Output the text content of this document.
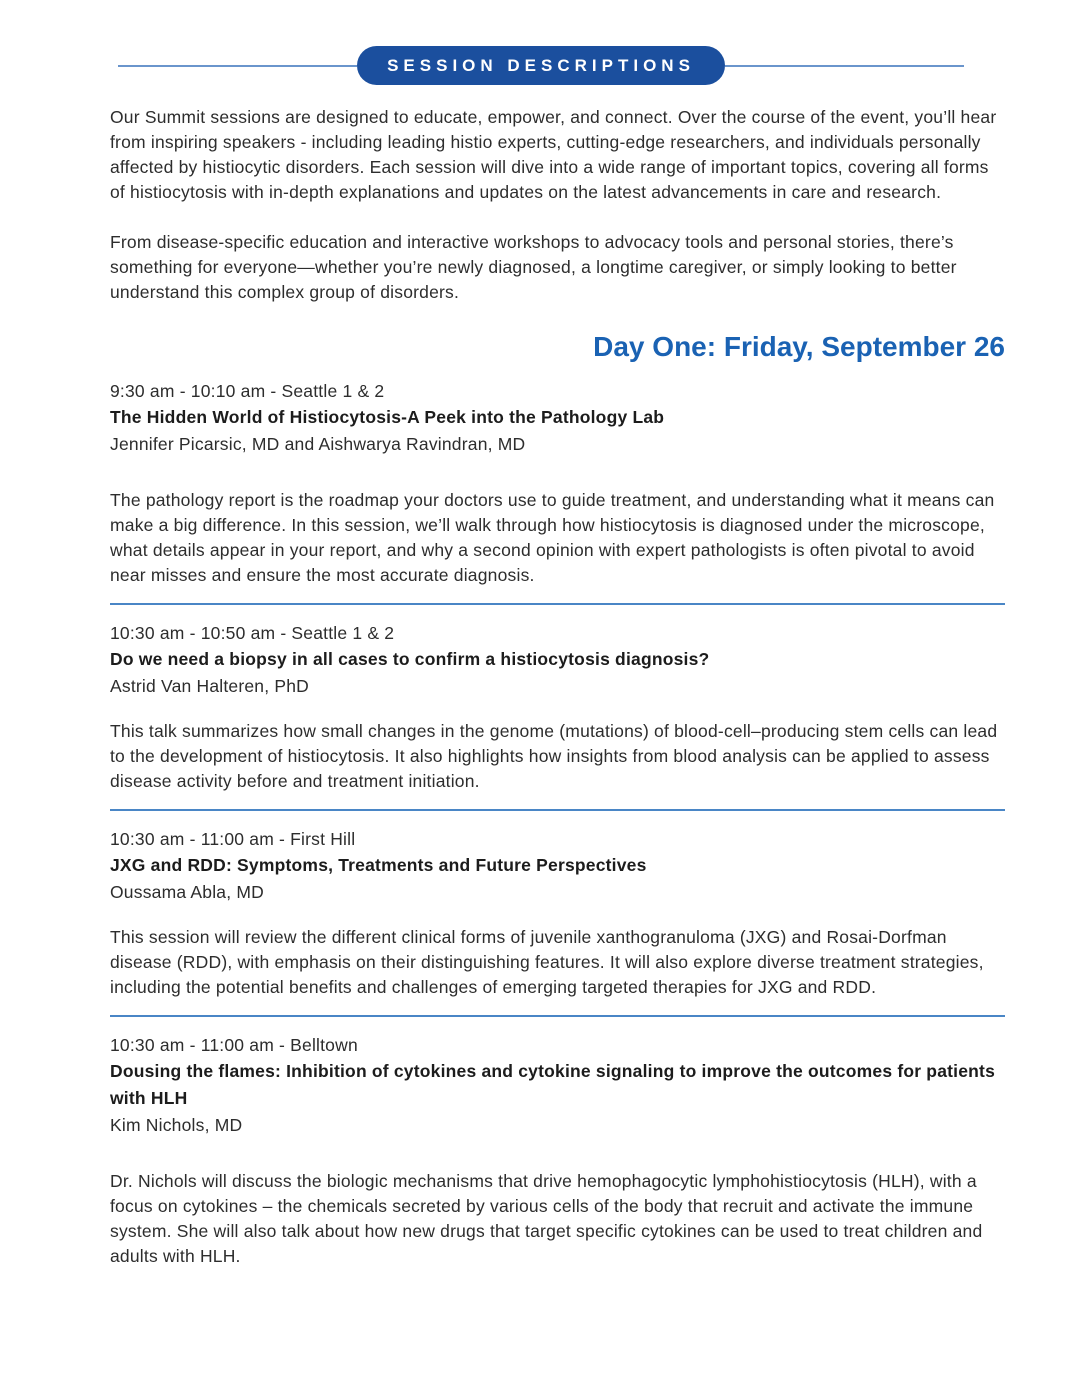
SESSION DESCRIPTIONS

Our Summit sessions are designed to educate, empower, and connect. Over the course of the event, you’ll hear from inspiring speakers - including leading histio experts, cutting-edge researchers, and individuals personally affected by histiocytic disorders. Each session will dive into a wide range of important topics, covering all forms of histiocytosis with in-depth explanations and updates on the latest advancements in care and research.

From disease-specific education and interactive workshops to advocacy tools and personal stories, there’s something for everyone—whether you’re newly diagnosed, a longtime caregiver, or simply looking to better understand this complex group of disorders.

Day One: Friday, September 26
9:30 am - 10:10 am - Seattle 1 & 2
The Hidden World of Histiocytosis-A Peek into the Pathology Lab
Jennifer Picarsic, MD and Aishwarya Ravindran, MD

The pathology report is the roadmap your doctors use to guide treatment, and understanding what it means can make a big difference. In this session, we’ll walk through how histiocytosis is diagnosed under the microscope, what details appear in your report, and why a second opinion with expert pathologists is often pivotal to avoid near misses and ensure the most accurate diagnosis.

10:30 am - 10:50 am - Seattle 1 & 2
Do we need a biopsy in all cases to confirm a histiocytosis diagnosis?
Astrid Van Halteren, PhD

This talk summarizes how small changes in the genome (mutations) of blood-cell–producing stem cells can lead to the development of histiocytosis. It also highlights how insights from blood analysis can be applied to assess disease activity before and treatment initiation.

10:30 am - 11:00 am - First Hill
JXG and RDD: Symptoms, Treatments and Future Perspectives
Oussama Abla, MD

This session will review the different clinical forms of juvenile xanthogranuloma (JXG) and Rosai-Dorfman disease (RDD), with emphasis on their distinguishing features. It will also explore diverse treatment strategies, including the potential benefits and challenges of emerging targeted therapies for JXG and RDD.

10:30 am - 11:00 am - Belltown
Dousing the flames: Inhibition of cytokines and cytokine signaling to improve the outcomes for patients with HLH
Kim Nichols, MD

Dr. Nichols will discuss the biologic mechanisms that drive hemophagocytic lymphohistiocytosis (HLH), with a focus on cytokines – the chemicals secreted by various cells of the body that recruit and activate the immune system. She will also talk about how new drugs that target specific cytokines can be used to treat children and adults with HLH.
